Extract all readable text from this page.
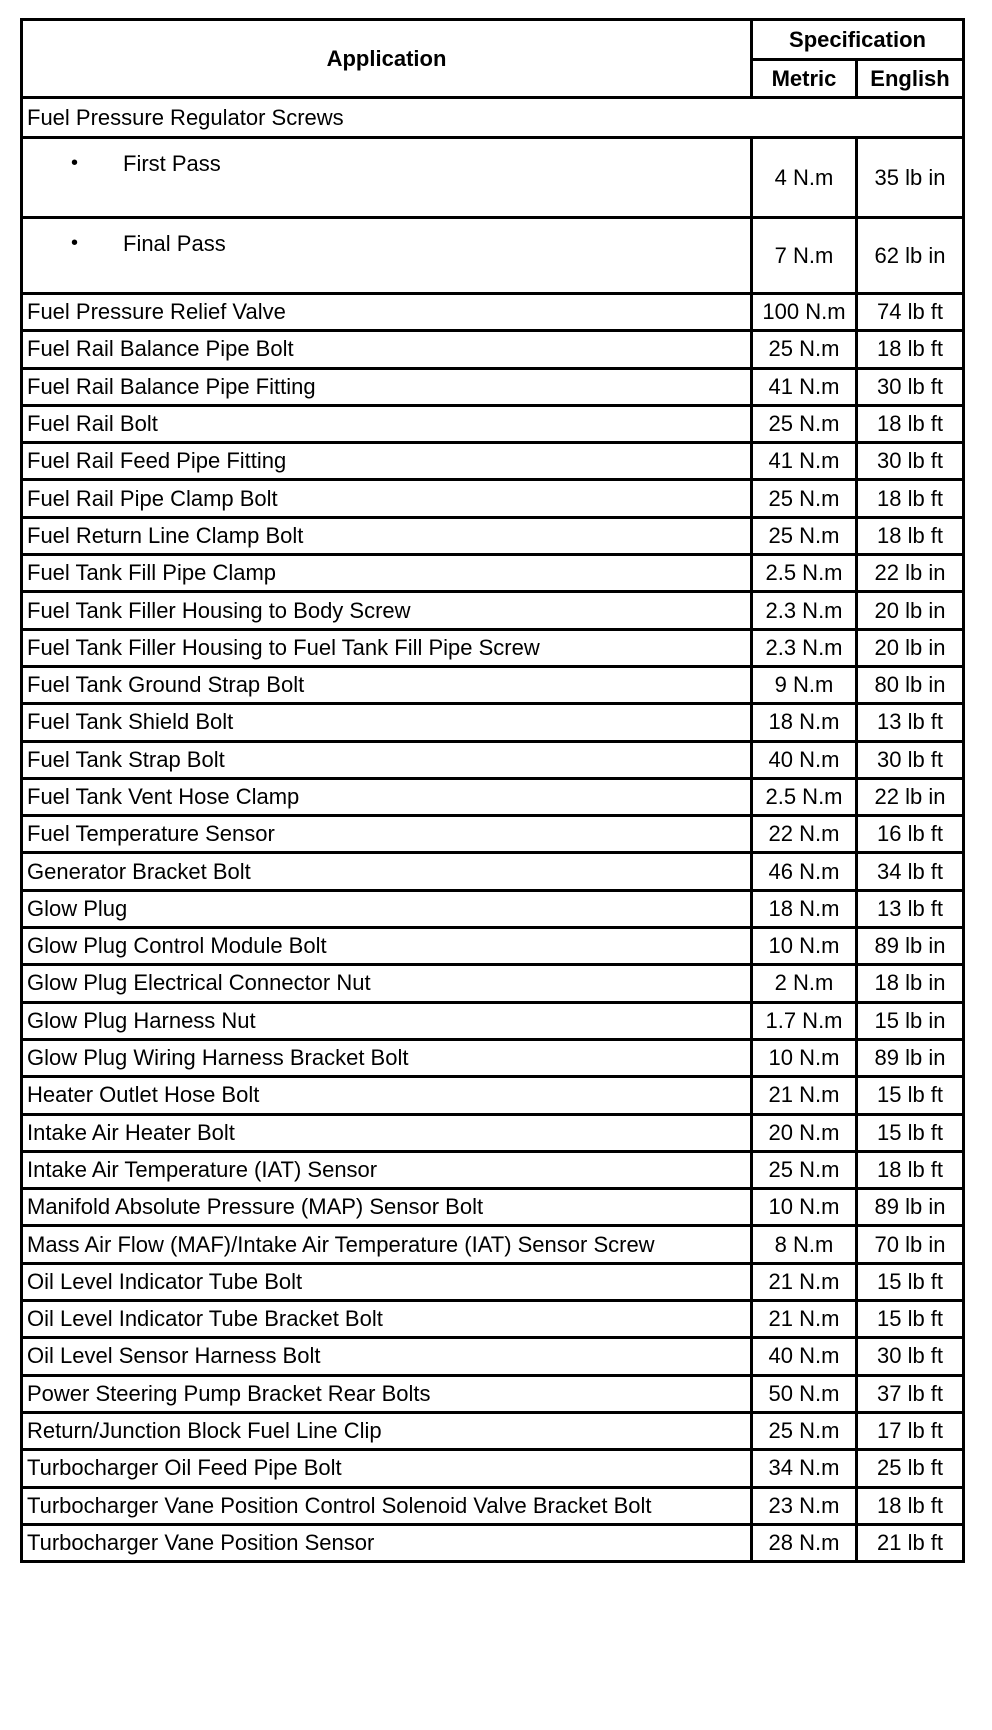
Application	Specification	
	Metric	English
Fuel Pressure Regulator Screws		

• First Pass	4 N.m	35 lb in

• Final Pass	7 N.m	62 lb in
Fuel Pressure Relief Valve	100 N.m	74 lb ft
Fuel Rail Balance Pipe Bolt	25 N.m	18 lb ft
Fuel Rail Balance Pipe Fitting	41 N.m	30 lb ft
Fuel Rail Bolt	25 N.m	18 lb ft
Fuel Rail Feed Pipe Fitting	41 N.m	30 lb ft
Fuel Rail Pipe Clamp Bolt	25 N.m	18 lb ft
Fuel Return Line Clamp Bolt	25 N.m	18 lb ft
Fuel Tank Fill Pipe Clamp	2.5 N.m	22 lb in
Fuel Tank Filler Housing to Body Screw	2.3 N.m	20 lb in
Fuel Tank Filler Housing to Fuel Tank Fill Pipe Screw	2.3 N.m	20 lb in
Fuel Tank Ground Strap Bolt	9 N.m	80 lb in
Fuel Tank Shield Bolt	18 N.m	13 lb ft
Fuel Tank Strap Bolt	40 N.m	30 lb ft
Fuel Tank Vent Hose Clamp	2.5 N.m	22 lb in
Fuel Temperature Sensor	22 N.m	16 lb ft
Generator Bracket Bolt	46 N.m	34 lb ft
Glow Plug	18 N.m	13 lb ft
Glow Plug Control Module Bolt	10 N.m	89 lb in
Glow Plug Electrical Connector Nut	2 N.m	18 lb in
Glow Plug Harness Nut	1.7 N.m	15 lb in
Glow Plug Wiring Harness Bracket Bolt	10 N.m	89 lb in
Heater Outlet Hose Bolt	21 N.m	15 lb ft
Intake Air Heater Bolt	20 N.m	15 lb ft
Intake Air Temperature (IAT) Sensor	25 N.m	18 lb ft
Manifold Absolute Pressure (MAP) Sensor Bolt	10 N.m	89 lb in
Mass Air Flow (MAF)/Intake Air Temperature (IAT) Sensor Screw	8 N.m	70 lb in
Oil Level Indicator Tube Bolt	21 N.m	15 lb ft
Oil Level Indicator Tube Bracket Bolt	21 N.m	15 lb ft
Oil Level Sensor Harness Bolt	40 N.m	30 lb ft
Power Steering Pump Bracket Rear Bolts	50 N.m	37 lb ft
Return/Junction Block Fuel Line Clip	25 N.m	17 lb ft
Turbocharger Oil Feed Pipe Bolt	34 N.m	25 lb ft
Turbocharger Vane Position Control Solenoid Valve Bracket Bolt	23 N.m	18 lb ft
Turbocharger Vane Position Sensor	28 N.m	21 lb ft
